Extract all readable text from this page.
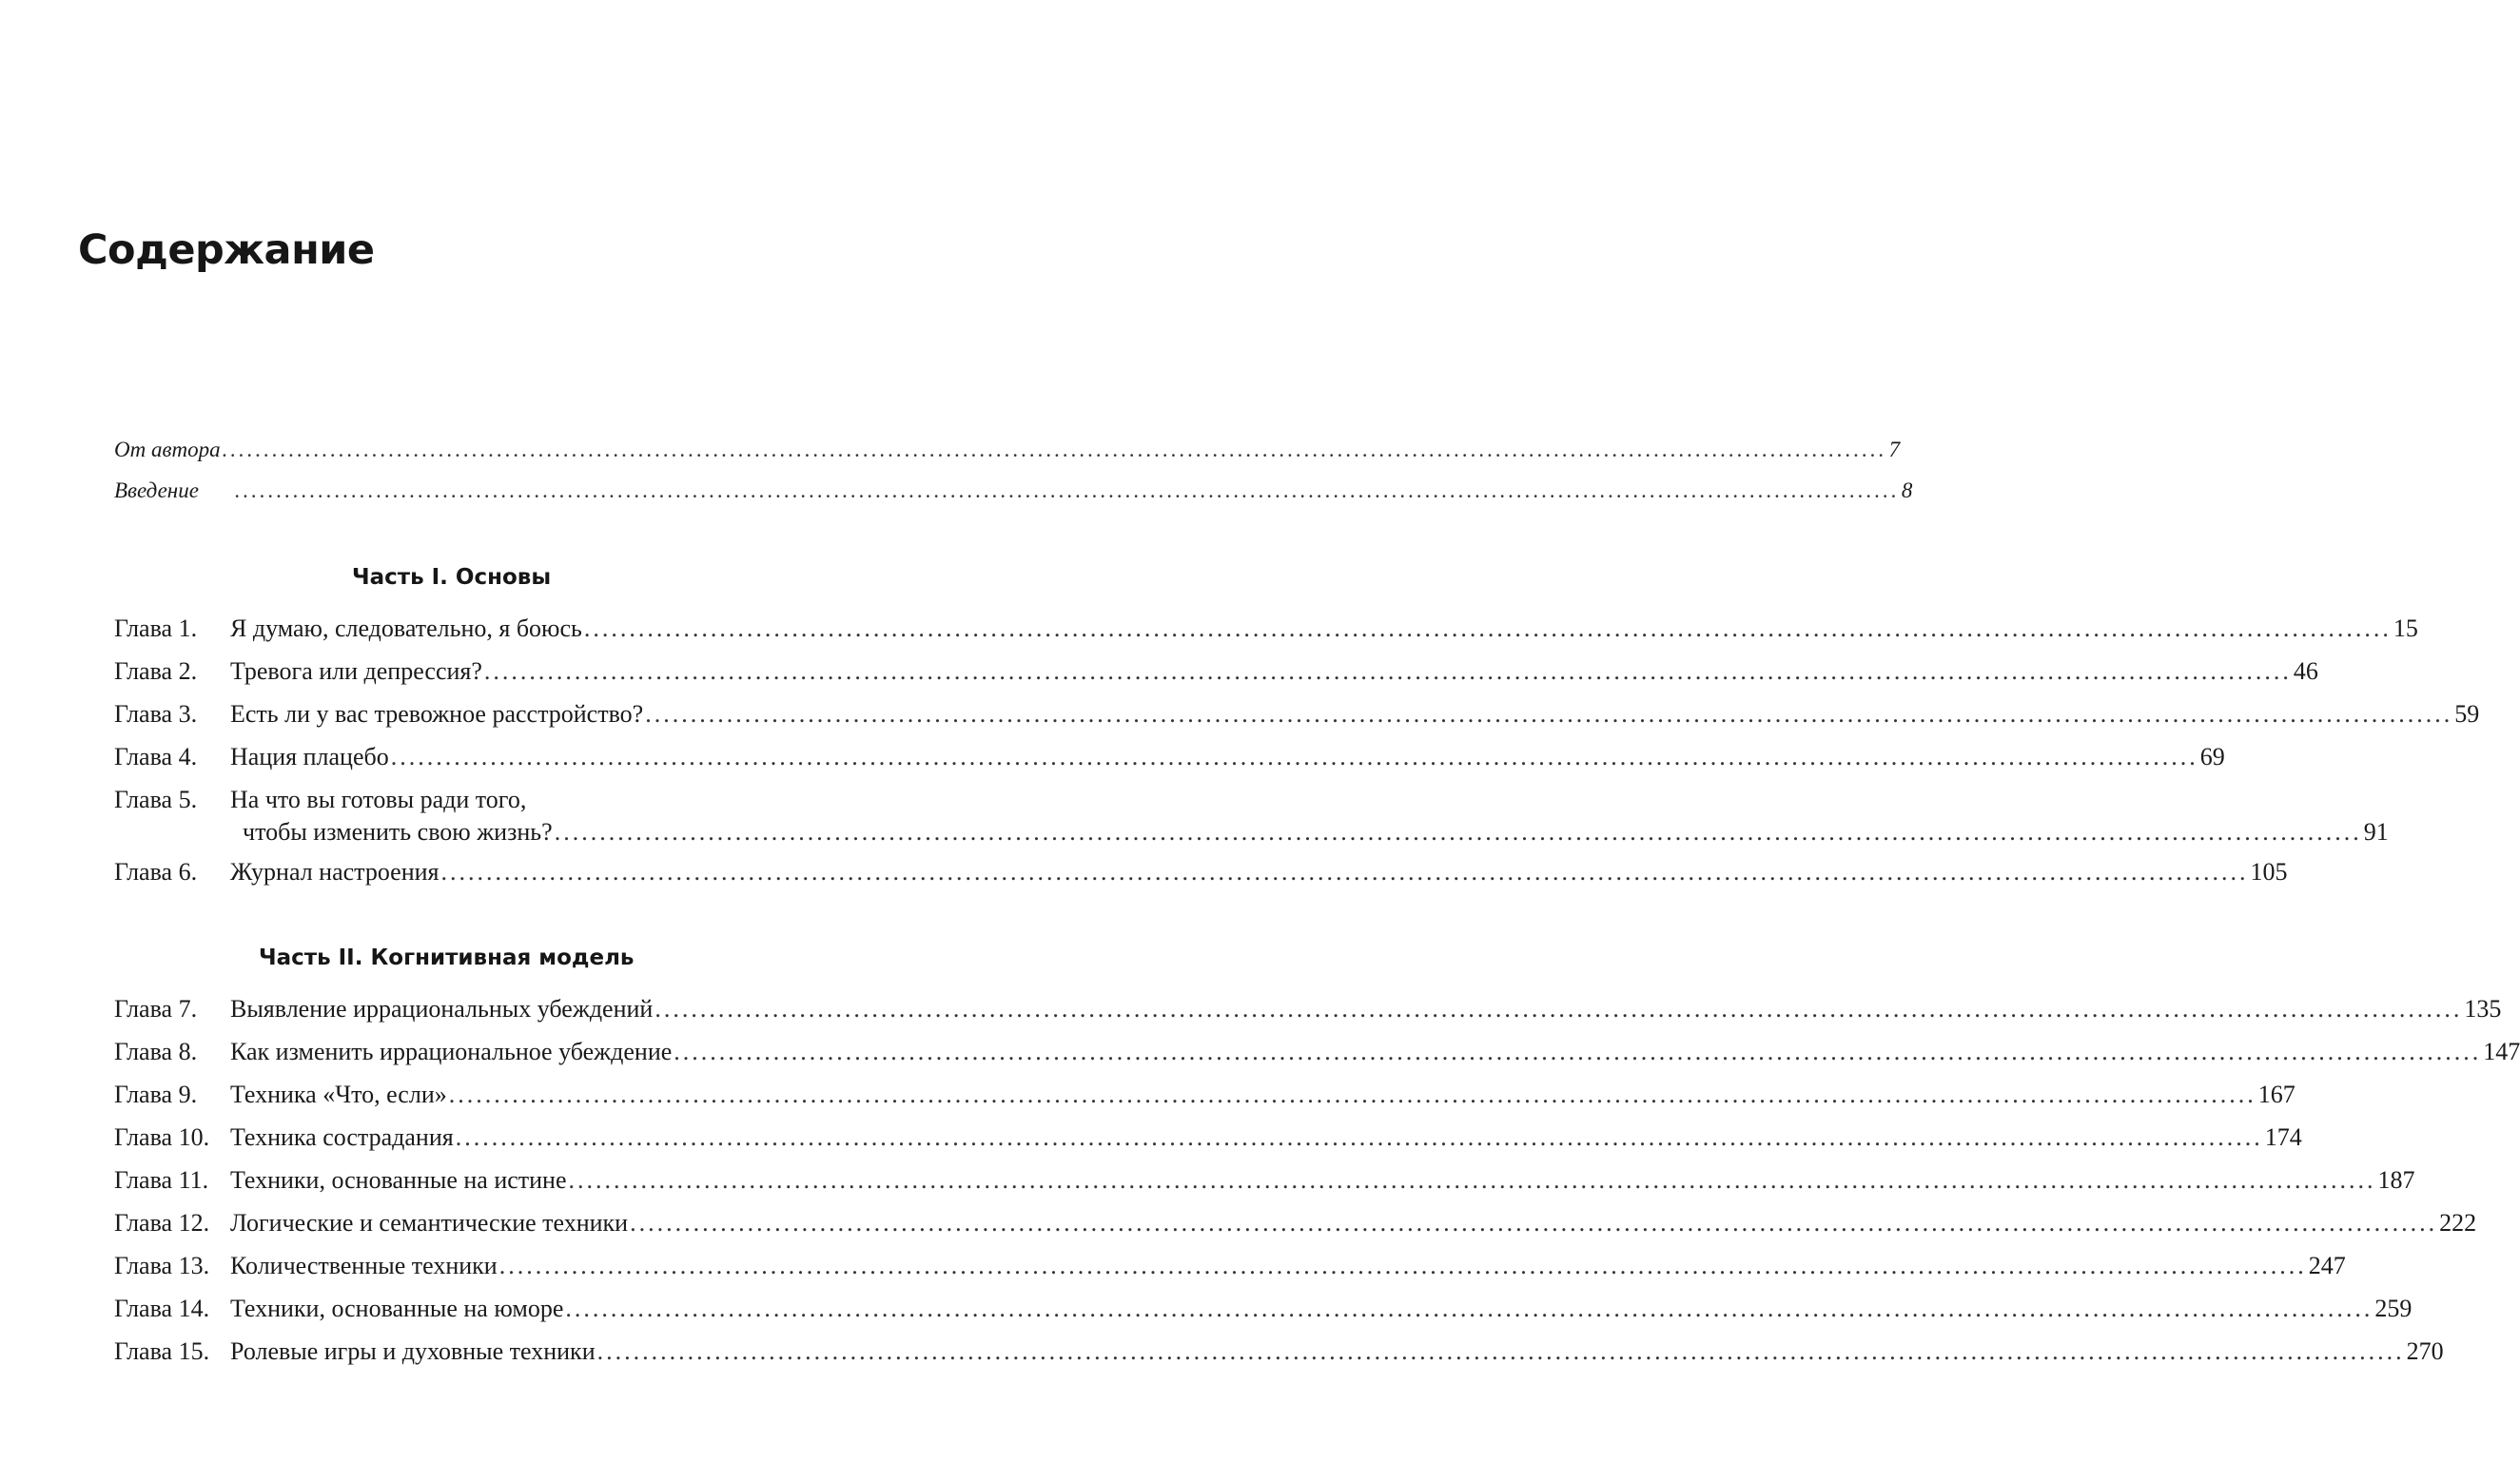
Содержание
От автора ........................................................................................................................................................................................................ 7
Введение ........................................................................................................................................................................................................ 8
Часть I. Основы
Глава 1.	Я думаю, следовательно, я боюсь ........................................................................................................................................................................................................ 15
Глава 2.	Тревога или депрессия? ........................................................................................................................................................................................................ 46
Глава 3.	Есть ли у вас тревожное расстройство? ........................................................................................................................................................................................................ 59
Глава 4.	Нация плацебо ........................................................................................................................................................................................................ 69
Глава 5.	На что вы готовы ради того,
чтобы изменить свою жизнь? ........................................................................................................................................................................................................ 91
Глава 6.	Журнал настроения ........................................................................................................................................................................................................ 105
Часть II. Когнитивная модель
Глава 7.	Выявление иррациональных убеждений ........................................................................................................................................................................................................ 135
Глава 8.	Как изменить иррациональное убеждение ........................................................................................................................................................................................................ 147
Глава 9.	Техника «Что, если» ........................................................................................................................................................................................................ 167
Глава 10. Техника сострадания ........................................................................................................................................................................................................ 174
Глава 11. Техники, основанные на истине ........................................................................................................................................................................................................ 187
Глава 12. Логические и семантические техники ........................................................................................................................................................................................................ 222
Глава 13. Количественные техники ........................................................................................................................................................................................................ 247
Глава 14. Техники, основанные на юморе ........................................................................................................................................................................................................ 259
Глава 15. Ролевые игры и духовные техники ........................................................................................................................................................................................................ 270
